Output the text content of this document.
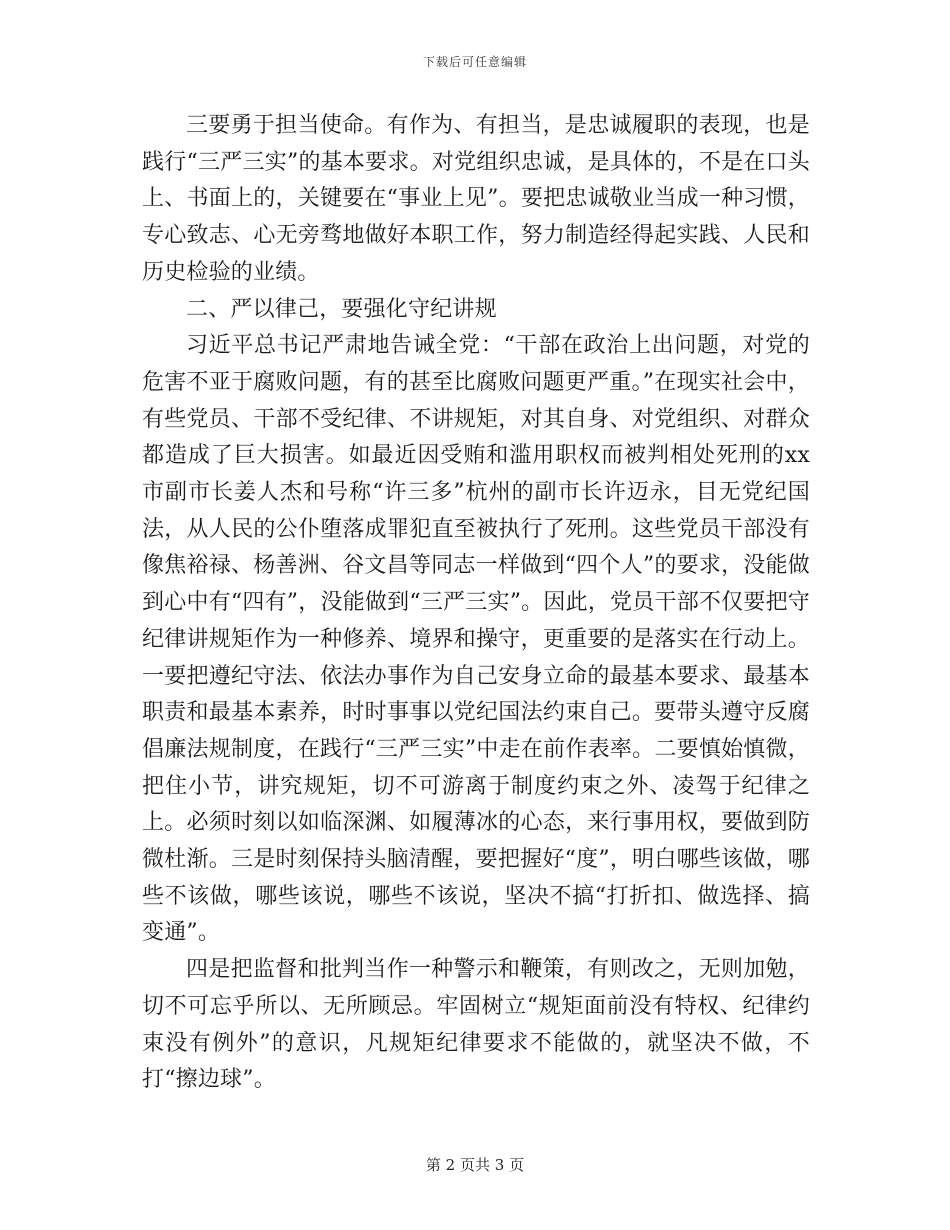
下载后可任意编辑

三要勇于担当使命。有作为、有担当，是忠诚履职的表现，也是践行“三严三实”的基本要求。对党组织忠诚，是具体的，不是在口头上、书面上的，关键要在“事业上见”。要把忠诚敬业当成一种习惯，专心致志、心无旁骛地做好本职工作，努力制造经得起实践、人民和历史检验的业绩。

二、严以律己，要强化守纪讲规

习近平总书记严肃地告诫全党：“干部在政治上出问题，对党的危害不亚于腐败问题，有的甚至比腐败问题更严重。”在现实社会中，有些党员、干部不受纪律、不讲规矩，对其自身、对党组织、对群众都造成了巨大损害。如最近因受贿和滥用职权而被判相处死刑的xx市副市长姜人杰和号称“许三多”杭州的副市长许迈永，目无党纪国法，从人民的公仆堕落成罪犯直至被执行了死刑。这些党员干部没有像焦裕禄、杨善洲、谷文昌等同志一样做到“四个人”的要求，没能做到心中有“四有”，没能做到“三严三实”。因此，党员干部不仅要把守纪律讲规矩作为一种修养、境界和操守，更重要的是落实在行动上。一要把遵纪守法、依法办事作为自己安身立命的最基本要求、最基本职责和最基本素养，时时事事以党纪国法约束自己。要带头遵守反腐倡廉法规制度，在践行“三严三实”中走在前作表率。二要慎始慎微，把住小节，讲究规矩，切不可游离于制度约束之外、凌驾于纪律之上。必须时刻以如临深渊、如履薄冰的心态，来行事用权，要做到防微杜渐。三是时刻保持头脑清醒，要把握好“度”，明白哪些该做，哪些不该做，哪些该说，哪些不该说，坚决不搞“打折扣、做选择、搞变通”。

四是把监督和批判当作一种警示和鞭策，有则改之，无则加勉，切不可忘乎所以、无所顾忌。牢固树立“规矩面前没有特权、纪律约束没有例外”的意识，凡规矩纪律要求不能做的，就坚决不做，不打“擦边球”。

第 2 页共 3 页
